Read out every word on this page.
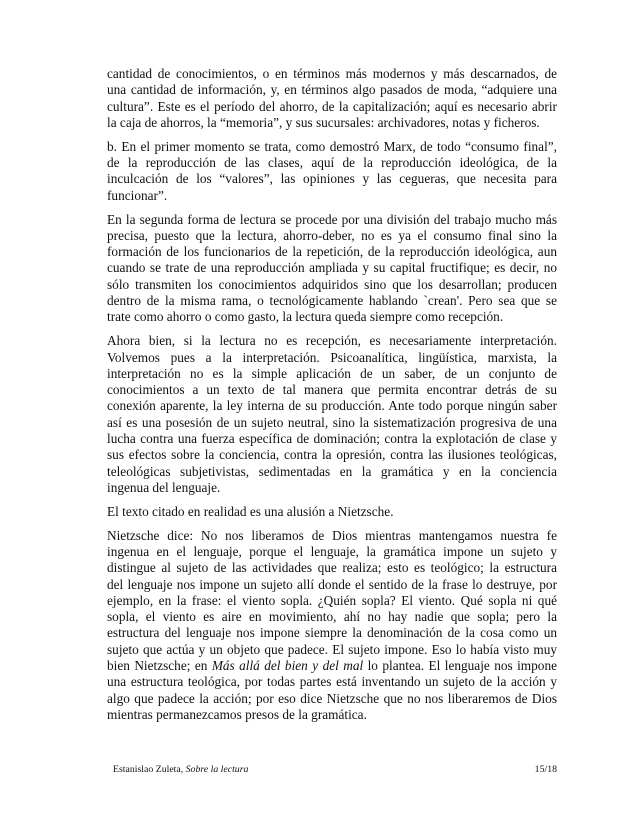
cantidad de conocimientos, o en términos más modernos y más descarnados, de
una cantidad de información, y, en términos algo pasados de moda, “adquiere una
cultura”. Este es el período del ahorro, de la capitalización; aquí es necesario abrir
la caja de ahorros, la “memoria”, y sus sucursales: archivadores, notas y ficheros.
b. En el primer momento se trata, como demostró Marx, de todo “consumo final”,
de la reproducción de las clases, aquí de la reproducción ideológica, de la
inculcación de los “valores”, las opiniones y las cegueras, que necesita para
funcionar”.
En la segunda forma de lectura se procede por una división del trabajo mucho más
precisa, puesto que la lectura, ahorro-deber, no es ya el consumo final sino la
formación de los funcionarios de la repetición, de la reproducción ideológica, aun
cuando se trate de una reproducción ampliada y su capital fructifique; es decir, no
sólo transmiten los conocimientos adquiridos sino que los desarrollan; producen
dentro de la misma rama, o tecnológicamente hablando `crean'. Pero sea que se
trate como ahorro o como gasto, la lectura queda siempre como recepción.
Ahora bien, si la lectura no es recepción, es necesariamente interpretación.
Volvemos pues a la interpretación. Psicoanalítica, lingüística, marxista, la
interpretación no es la simple aplicación de un saber, de un conjunto de
conocimientos a un texto de tal manera que permita encontrar detrás de su
conexión aparente, la ley interna de su producción. Ante todo porque ningún saber
así es una posesión de un sujeto neutral, sino la sistematización progresiva de una
lucha contra una fuerza específica de dominación; contra la explotación de clase y
sus efectos sobre la conciencia, contra la opresión, contra las ilusiones teológicas,
teleológicas subjetivistas, sedimentadas en la gramática y en la conciencia
ingenua del lenguaje.
El texto citado en realidad es una alusión a Nietzsche.
Nietzsche dice: No nos liberamos de Dios mientras mantengamos nuestra fe
ingenua en el lenguaje, porque el lenguaje, la gramática impone un sujeto y
distingue al sujeto de las actividades que realiza; esto es teológico; la estructura
del lenguaje nos impone un sujeto allí donde el sentido de la frase lo destruye, por
ejemplo, en la frase: el viento sopla. ¿Quién sopla? El viento. Qué sopla ni qué
sopla, el viento es aire en movimiento, ahí no hay nadie que sopla; pero la
estructura del lenguaje nos impone siempre la denominación de la cosa como un
sujeto que actúa y un objeto que padece. El sujeto impone. Eso lo había visto muy
bien Nietzsche; en Más allá del bien y del mal lo plantea. El lenguaje nos impone
una estructura teológica, por todas partes está inventando un sujeto de la acción y
algo que padece la acción; por eso dice Nietzsche que no nos liberaremos de Dios
mientras permanezcamos presos de la gramática.
Estanislao Zuleta, Sobre la lectura	15/18
